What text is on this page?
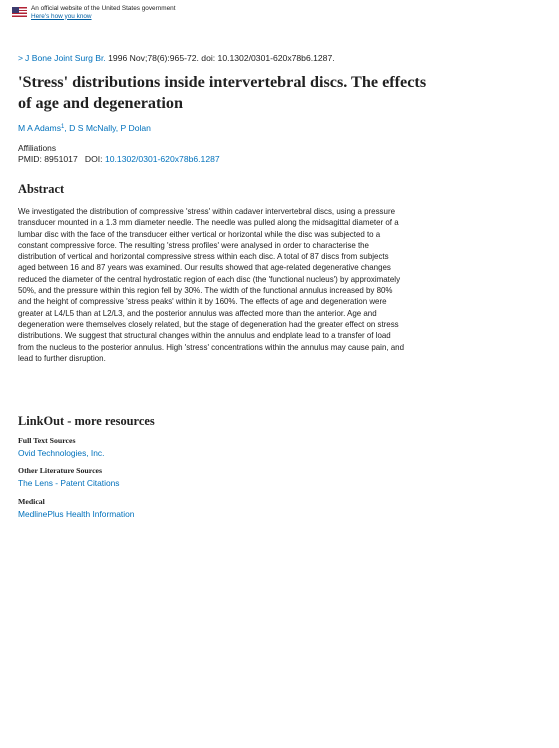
An official website of the United States government
Here's how you know
> J Bone Joint Surg Br. 1996 Nov;78(6):965-72. doi: 10.1302/0301-620x78b6.1287.
'Stress' distributions inside intervertebral discs. The effects of age and degeneration
M A Adams$^1$, D S McNally, P Dolan
Affiliations
PMID: 8951017 DOI: 10.1302/0301-620x78b6.1287
Abstract

We investigated the distribution of compressive 'stress' within cadaver intervertebral discs, using a pressure transducer mounted in a 1.3 mm diameter needle. The needle was pulled along the midsagittal diameter of a lumbar disc with the face of the transducer either vertical or horizontal while the disc was subjected to a constant compressive force. The resulting 'stress profiles' were analysed in order to characterise the distribution of vertical and horizontal compressive stress within each disc. A total of 87 discs from subjects aged between 16 and 87 years was examined. Our results showed that age-related degenerative changes reduced the diameter of the central hydrostatic region of each disc (the 'functional nucleus') by approximately 50%, and the pressure within this region fell by 30%. The width of the functional annulus increased by 80% and the height of compressive 'stress peaks' within it by 160%. The effects of age and degeneration were greater at L4/L5 than at L2/L3, and the posterior annulus was affected more than the anterior. Age and degeneration were themselves closely related, but the stage of degeneration had the greater effect on stress distributions. We suggest that structural changes within the annulus and endplate lead to a transfer of load from the nucleus to the posterior annulus. High 'stress' concentrations within the annulus may cause pain, and lead to further disruption.

LinkOut - more resources
Full Text Sources
Ovid Technologies, Inc.
Other Literature Sources
The Lens - Patent Citations
Medical
MedlinePlus Health Information
